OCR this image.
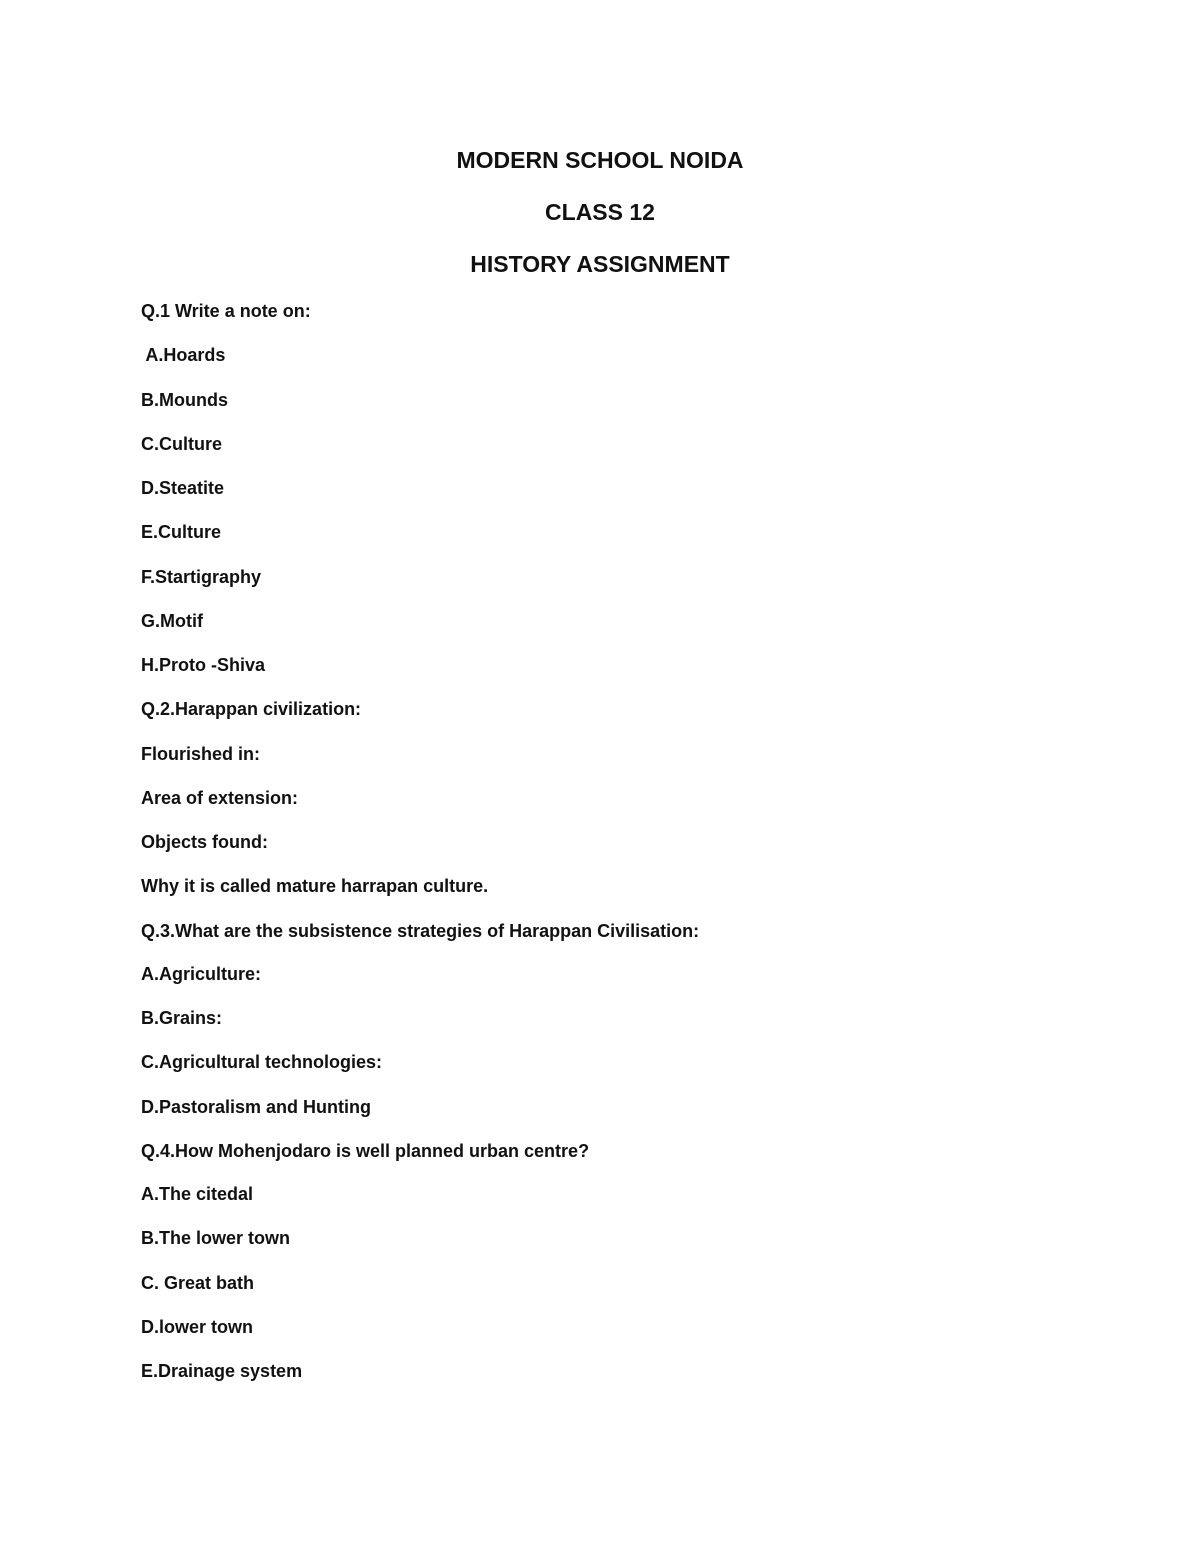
MODERN SCHOOL NOIDA
CLASS 12
HISTORY ASSIGNMENT

Q.1 Write a note on:

A.Hoards

B.Mounds

C.Culture

D.Steatite

E.Culture

F.Startigraphy

G.Motif

H.Proto -Shiva

Q.2.Harappan civilization:

Flourished in:

Area of extension:

Objects found:

Why it is called mature harrapan culture.

Q.3.What are the subsistence strategies of Harappan Civilisation:

A.Agriculture:

B.Grains:

C.Agricultural technologies:

D.Pastoralism and Hunting

Q.4.How Mohenjodaro is well planned urban centre?

A.The citedal

B.The lower town

C. Great bath

D.lower town

E.Drainage system
